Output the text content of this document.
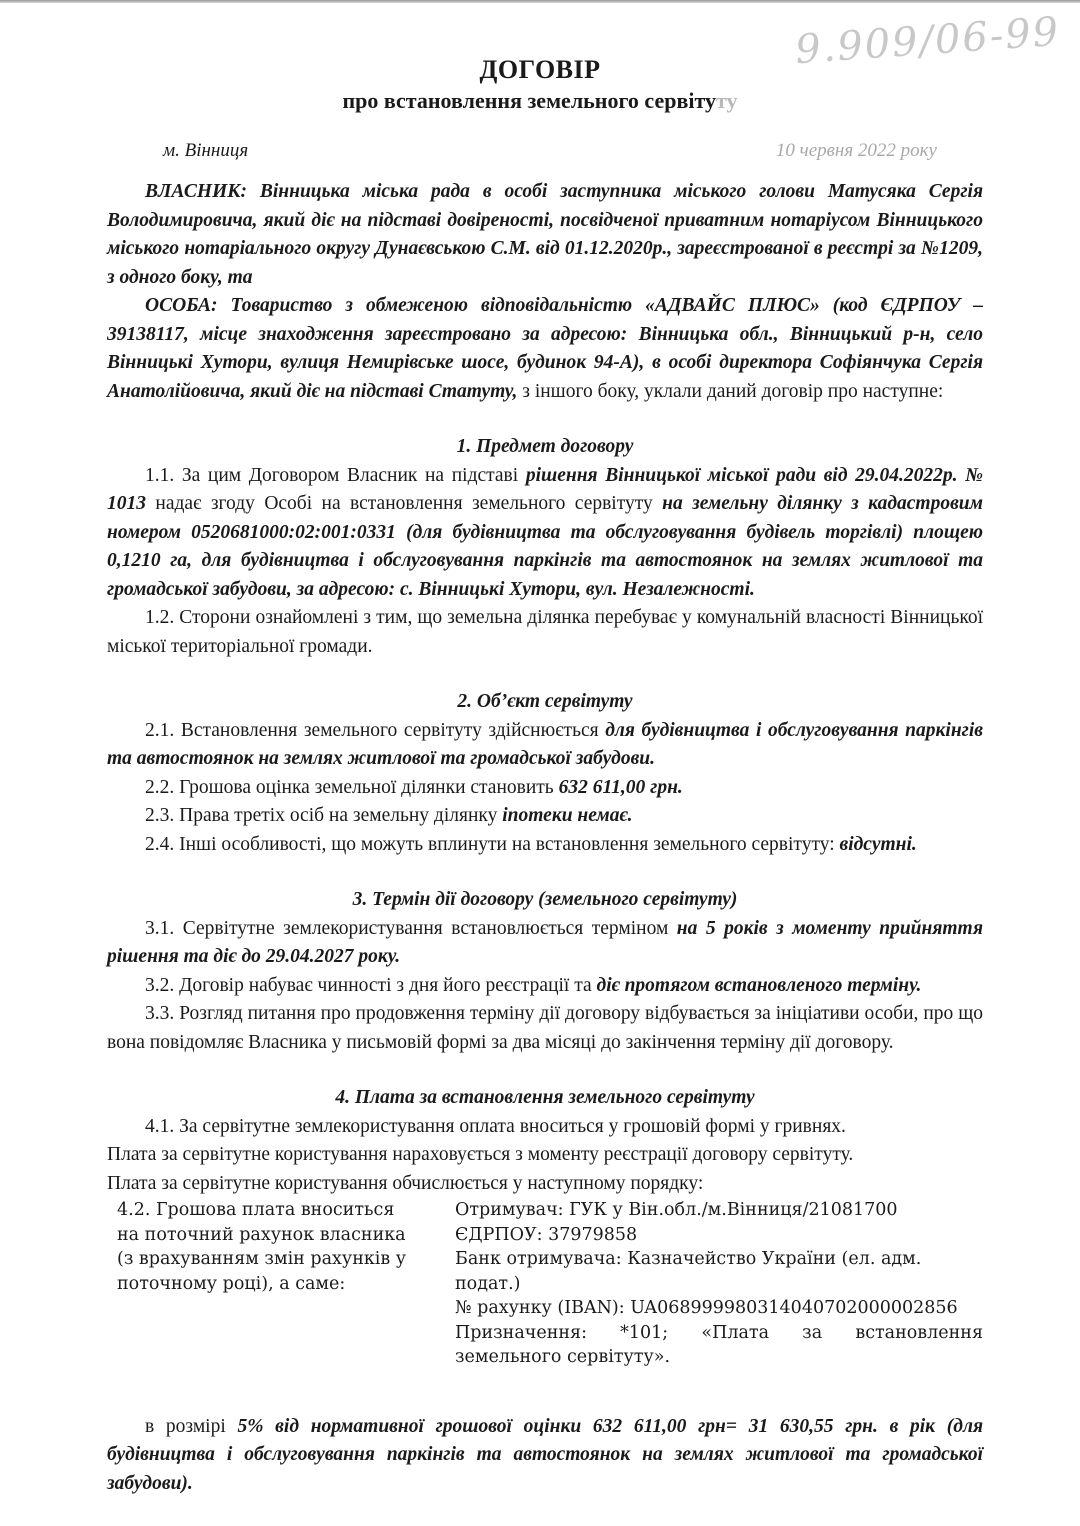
9.909/06-99
ДОГОВІР
про встановлення земельного сервітуту
м. Вінниця	10 червня 2022 року

ВЛАСНИК: Вінницька міська рада в особі заступника міського голови Матусяка Сергія Володимировича, який діє на підставі довіреності, посвідченої приватним нотаріусом Вінницького міського нотаріального округу Дунаєвською С.М. від 01.12.2020р., зареєстрованої в реєстрі за №1209, з одного боку, та

ОСОБА: Товариство з обмеженою відповідальністю «АДВАЙС ПЛЮС» (код ЄДРПОУ – 39138117, місце знаходження зареєстровано за адресою: Вінницька обл., Вінницький р-н, село Вінницькі Хутори, вулиця Немирівське шосе, будинок 94-А), в особі директора Софіянчука Сергія Анатолійовича, який діє на підставі Статуту, з іншого боку, уклали даний договір про наступне:

1. Предмет договору

1.1. За цим Договором Власник на підставі рішення Вінницької міської ради від 29.04.2022р. № 1013 надає згоду Особі на встановлення земельного сервітуту на земельну ділянку з кадастровим номером 0520681000:02:001:0331 (для будівництва та обслуговування будівель торгівлі) площею 0,1210 га, для будівництва і обслуговування паркінгів та автостоянок на землях житлової та громадської забудови, за адресою: с. Вінницькі Хутори, вул. Незалежності.

1.2. Сторони ознайомлені з тим, що земельна ділянка перебуває у комунальній власності Вінницької міської територіальної громади.

2. Об’єкт сервітуту

2.1. Встановлення земельного сервітуту здійснюється для будівництва і обслуговування паркінгів та автостоянок на землях житлової та громадської забудови.

2.2. Грошова оцінка земельної ділянки становить 632 611,00 грн.

2.3. Права третіх осіб на земельну ділянку іпотеки немає.

2.4. Інші особливості, що можуть вплинути на встановлення земельного сервітуту: відсутні.

3. Термін дії договору (земельного сервітуту)

3.1. Сервітутне землекористування встановлюється терміном на 5 років з моменту прийняття рішення та діє до 29.04.2027 року.

3.2. Договір набуває чинності з дня його реєстрації та діє протягом встановленого терміну.

3.3. Розгляд питання про продовження терміну дії договору відбувається за ініціативи особи, про що вона повідомляє Власника у письмовій формі за два місяці до закінчення терміну дії договору.

4. Плата за встановлення земельного сервітуту

4.1. За сервітутне землекористування оплата вноситься у грошовій формі у гривнях.

Плата за сервітутне користування нараховується з моменту реєстрації договору сервітуту.

Плата за сервітутне користування обчислюється у наступному порядку:

4.2. Грошова плата вноситься
на поточний рахунок власника
(з врахуванням змін рахунків у
поточному році), а саме:
Отримувач: ГУК у Він.обл./м.Вінниця/21081700
ЄДРПОУ: 37979858
Банк отримувача: Казначейство України (ел. адм. подат.)
№ рахунку (IBAN): UA068999980314040702000002856
Призначення: *101; «Плата за встановлення земельного сервітуту».

в розмірі 5% від нормативної грошової оцінки 632 611,00 грн= 31 630,55 грн. в рік (для будівництва і обслуговування паркінгів та автостоянок на землях житлової та громадської забудови).
